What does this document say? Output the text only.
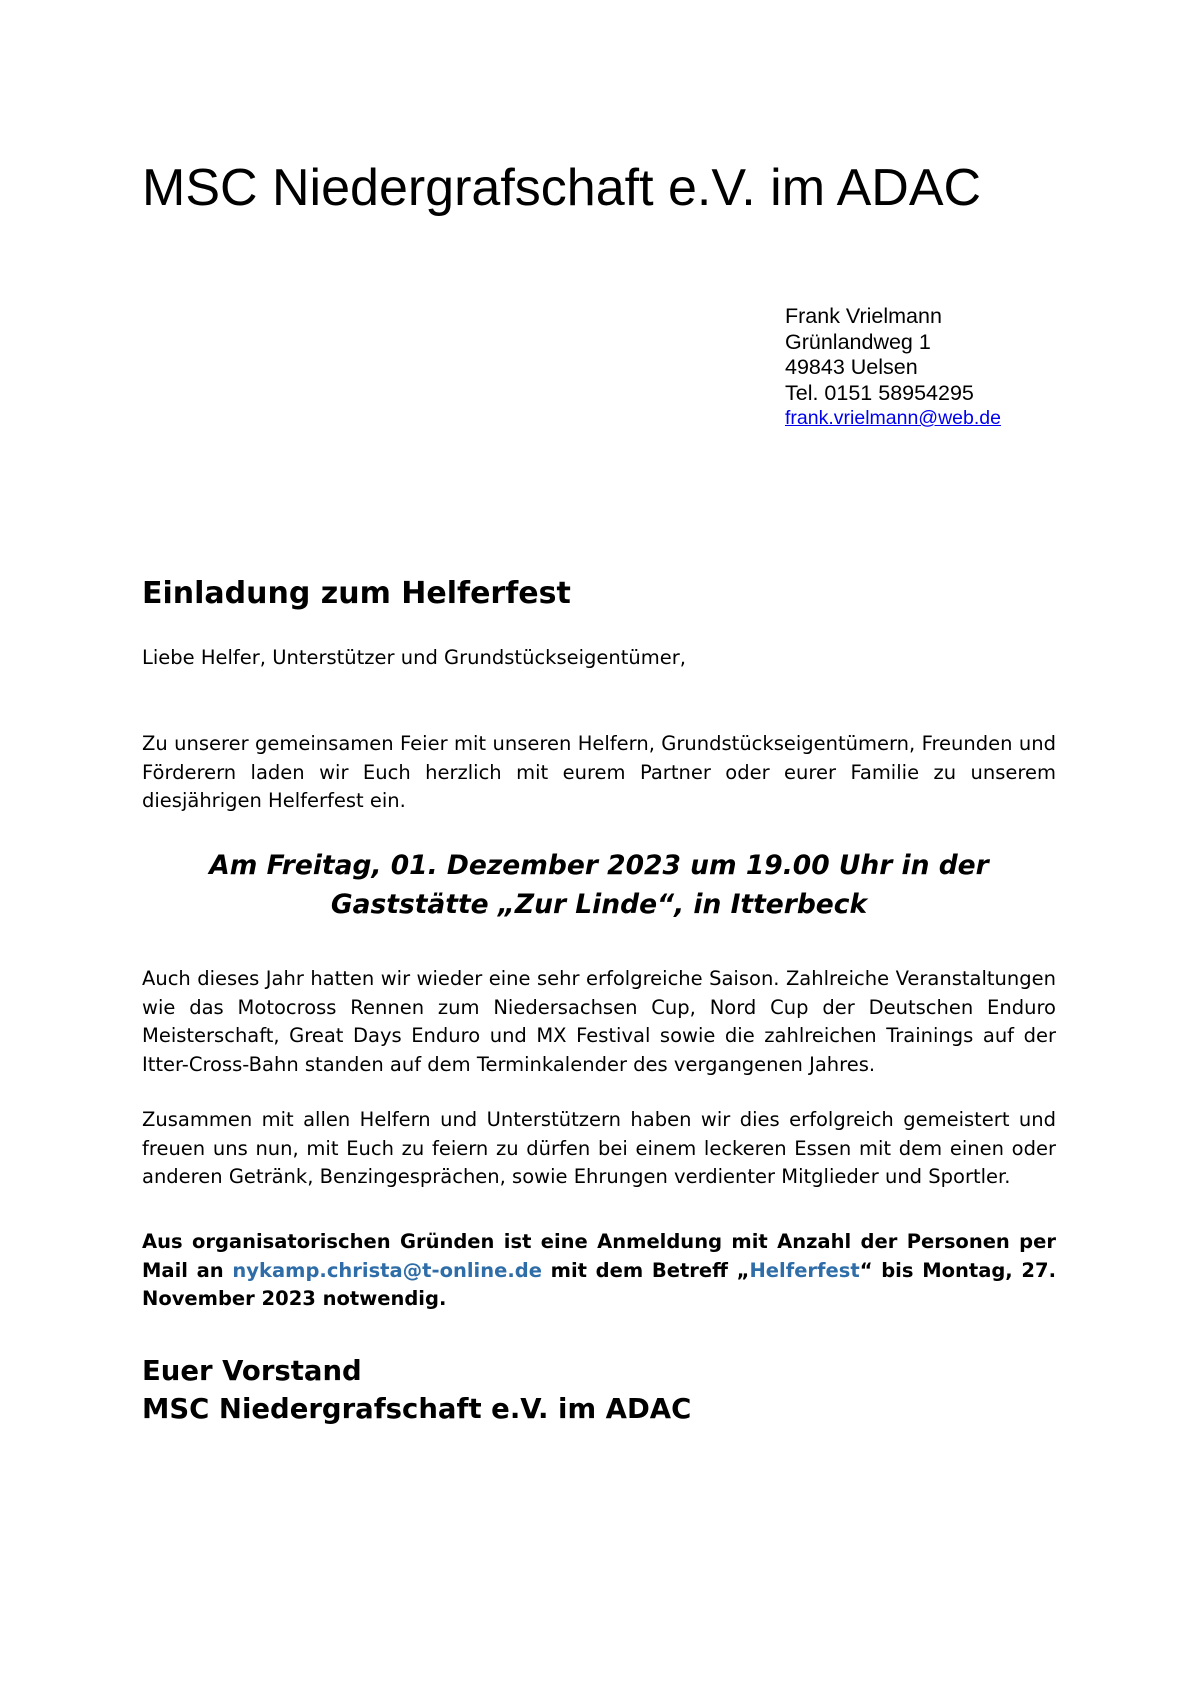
MSC Niedergrafschaft e.V. im ADAC
Frank Vrielmann
Grünlandweg 1
49843 Uelsen
Tel. 0151 58954295
frank.vrielmann@web.de
Einladung zum Helferfest
Liebe Helfer, Unterstützer und Grundstückseigentümer,
Zu unserer gemeinsamen Feier mit unseren Helfern, Grundstückseigentümern, Freunden und Förderern laden wir Euch herzlich mit eurem Partner oder eurer Familie zu unserem diesjährigen Helferfest ein.
Am Freitag, 01. Dezember 2023 um 19.00 Uhr in der
Gaststätte „Zur Linde“, in Itterbeck
Auch dieses Jahr hatten wir wieder eine sehr erfolgreiche Saison. Zahlreiche Veranstaltungen wie das Motocross Rennen zum Niedersachsen Cup, Nord Cup der Deutschen Enduro Meisterschaft, Great Days Enduro und MX Festival sowie die zahlreichen Trainings auf der Itter-Cross-Bahn standen auf dem Terminkalender des vergangenen Jahres.
Zusammen mit allen Helfern und Unterstützern haben wir dies erfolgreich gemeistert und freuen uns nun, mit Euch zu feiern zu dürfen bei einem leckeren Essen mit dem einen oder anderen Getränk, Benzingesprächen, sowie Ehrungen verdienter Mitglieder und Sportler.
Aus organisatorischen Gründen ist eine Anmeldung mit Anzahl der Personen per Mail an nykamp.christa@t-online.de mit dem Betreff „Helferfest“ bis Montag, 27. November 2023 notwendig.
Euer Vorstand
MSC Niedergrafschaft e.V. im ADAC
